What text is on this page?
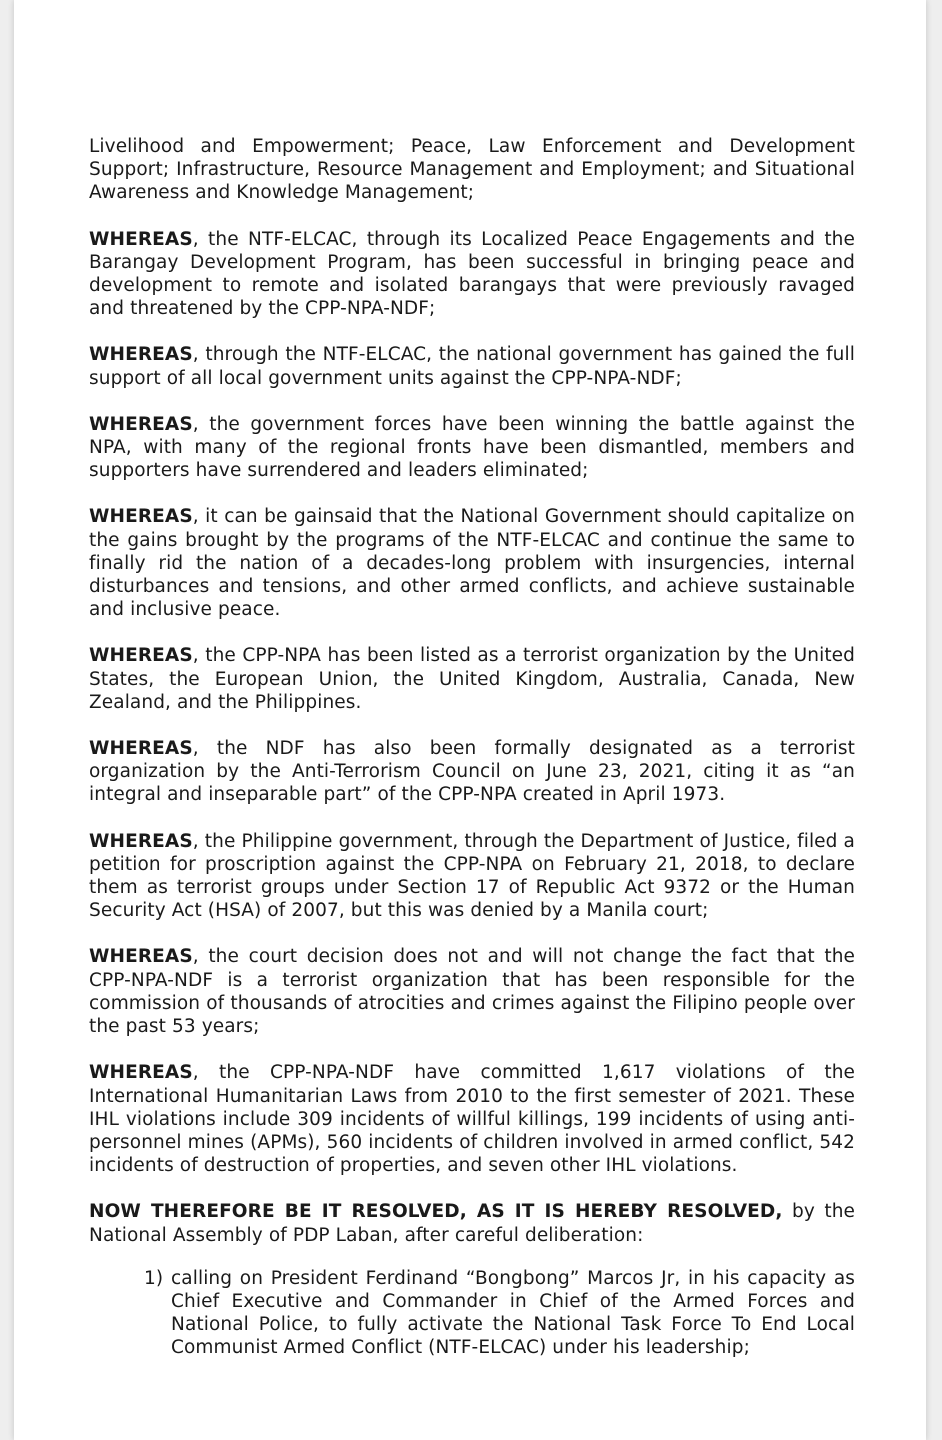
Livelihood and Empowerment; Peace, Law Enforcement and Development Support; Infrastructure, Resource Management and Employment; and Situational Awareness and Knowledge Management;

WHEREAS, the NTF-ELCAC, through its Localized Peace Engagements and the Barangay Development Program, has been successful in bringing peace and development to remote and isolated barangays that were previously ravaged and threatened by the CPP-NPA-NDF;

WHEREAS, through the NTF-ELCAC, the national government has gained the full support of all local government units against the CPP-NPA-NDF;

WHEREAS, the government forces have been winning the battle against the NPA, with many of the regional fronts have been dismantled, members and supporters have surrendered and leaders eliminated;

WHEREAS, it can be gainsaid that the National Government should capitalize on the gains brought by the programs of the NTF-ELCAC and continue the same to finally rid the nation of a decades-long problem with insurgencies, internal disturbances and tensions, and other armed conflicts, and achieve sustainable and inclusive peace.

WHEREAS, the CPP-NPA has been listed as a terrorist organization by the United States, the European Union, the United Kingdom, Australia, Canada, New Zealand, and the Philippines.

WHEREAS, the NDF has also been formally designated as a terrorist organization by the Anti-Terrorism Council on June 23, 2021, citing it as “an integral and inseparable part” of the CPP-NPA created in April 1973.

WHEREAS, the Philippine government, through the Department of Justice, filed a petition for proscription against the CPP-NPA on February 21, 2018, to declare them as terrorist groups under Section 17 of Republic Act 9372 or the Human Security Act (HSA) of 2007, but this was denied by a Manila court;

WHEREAS, the court decision does not and will not change the fact that the CPP-NPA-NDF is a terrorist organization that has been responsible for the commission of thousands of atrocities and crimes against the Filipino people over the past 53 years;

WHEREAS, the CPP-NPA-NDF have committed 1,617 violations of the International Humanitarian Laws from 2010 to the first semester of 2021. These IHL violations include 309 incidents of willful killings, 199 incidents of using anti-personnel mines (APMs), 560 incidents of children involved in armed conflict, 542 incidents of destruction of properties, and seven other IHL violations.

NOW THEREFORE BE IT RESOLVED, AS IT IS HEREBY RESOLVED, by the National Assembly of PDP Laban, after careful deliberation:

1) calling on President Ferdinand “Bongbong” Marcos Jr, in his capacity as Chief Executive and Commander in Chief of the Armed Forces and National Police, to fully activate the National Task Force To End Local Communist Armed Conflict (NTF-ELCAC) under his leadership;
